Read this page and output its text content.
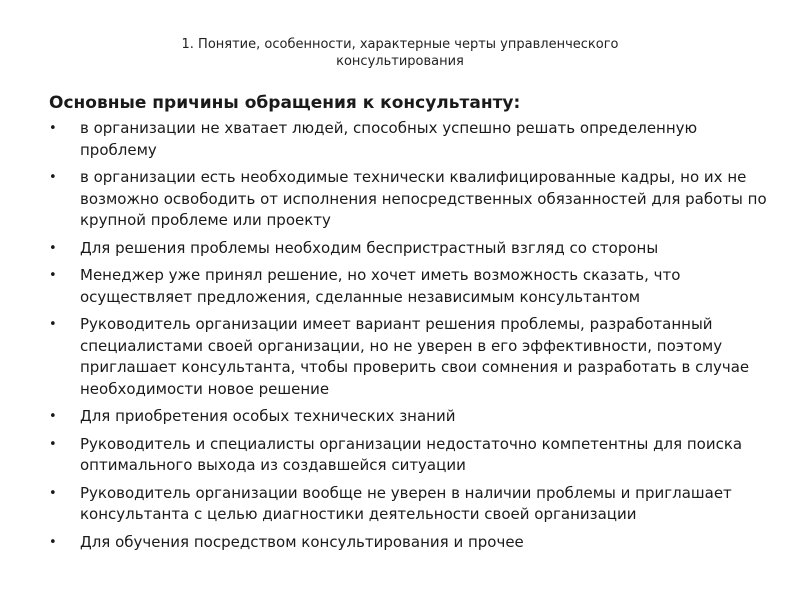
1. Понятие, особенности, характерные черты управленческого
консультирования
Основные причины обращения к консультанту:
• в организации не хватает людей, способных успешно решать определенную проблему
• в организации есть необходимые технически квалифицированные кадры, но их не возможно освободить от исполнения непосредственных обязанностей для работы по крупной проблеме или проекту
• Для решения проблемы необходим беспристрастный взгляд со стороны
• Менеджер уже принял решение, но хочет иметь возможность сказать, что осуществляет предложения, сделанные независимым консультантом
• Руководитель организации имеет вариант решения проблемы, разработанный специалистами своей организации, но не уверен в его эффективности, поэтому приглашает консультанта, чтобы проверить свои сомнения и разработать в случае необходимости новое решение
• Для приобретения особых технических знаний
• Руководитель и специалисты организации недостаточно компетентны для поиска оптимального выхода из создавшейся ситуации
• Руководитель организации вообще не уверен в наличии проблемы и приглашает консультанта с целью диагностики деятельности своей организации
• Для обучения посредством консультирования и прочее
